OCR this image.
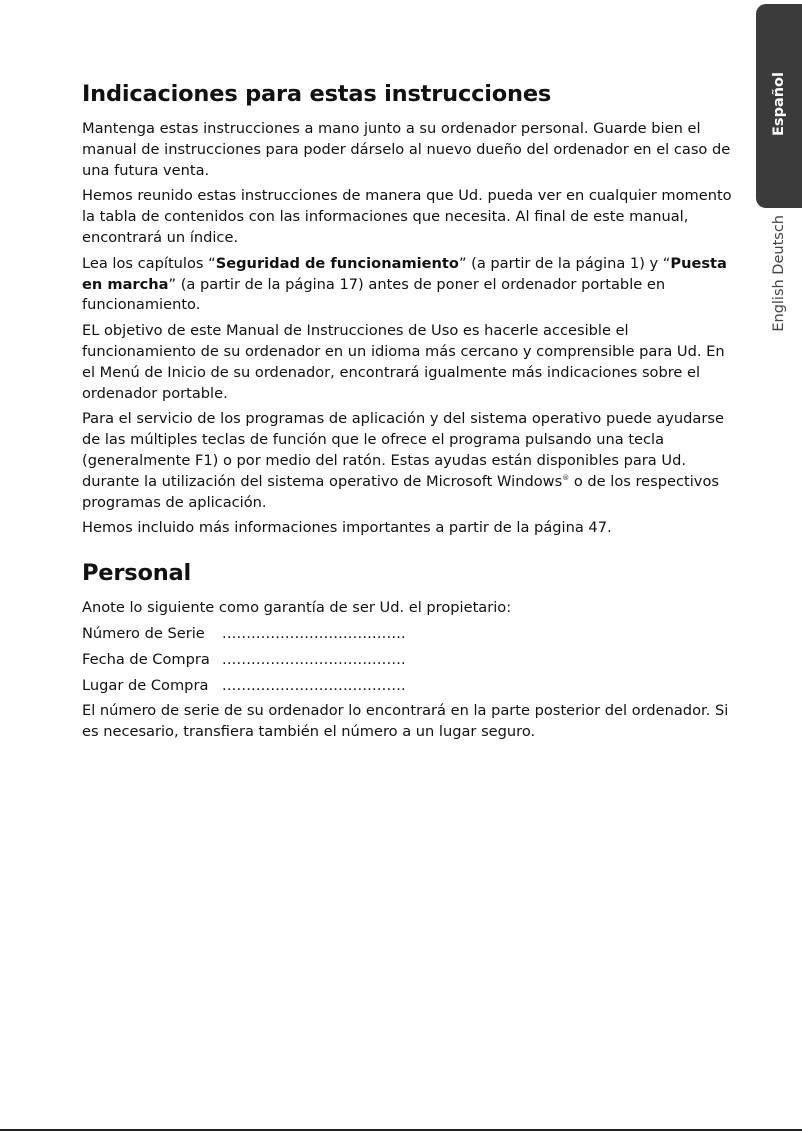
Español
English Deutsch
Indicaciones para estas instrucciones

Mantenga estas instrucciones a mano junto a su ordenador personal. Guarde bien el manual de instrucciones para poder dárselo al nuevo dueño del ordenador en el caso de una futura venta.

Hemos reunido estas instrucciones de manera que Ud. pueda ver en cualquier momento la tabla de contenidos con las informaciones que necesita. Al final de este manual, encontrará un índice.

Lea los capítulos “Seguridad de funcionamiento” (a partir de la página 1) y “Puesta en marcha” (a partir de la página 17) antes de poner el ordenador portable en funcionamiento.

EL objetivo de este Manual de Instrucciones de Uso es hacerle accesible el funcionamiento de su ordenador en un idioma más cercano y comprensible para Ud. En el Menú de Inicio de su ordenador, encontrará igualmente más indicaciones sobre el ordenador portable.

Para el servicio de los programas de aplicación y del sistema operativo puede ayudarse de las múltiples teclas de función que le ofrece el programa pulsando una tecla (generalmente F1) o por medio del ratón. Estas ayudas están disponibles para Ud. durante la utilización del sistema operativo de Microsoft Windows® o de los respectivos programas de aplicación.

Hemos incluido más informaciones importantes a partir de la página 47.

Personal

Anote lo siguiente como garantía de ser Ud. el propietario:

Número de Serie	......................................
Fecha de Compra ......................................
Lugar de Compra ......................................

El número de serie de su ordenador lo encontrará en la parte posterior del ordenador. Si es necesario, transfiera también el número a un lugar seguro.
